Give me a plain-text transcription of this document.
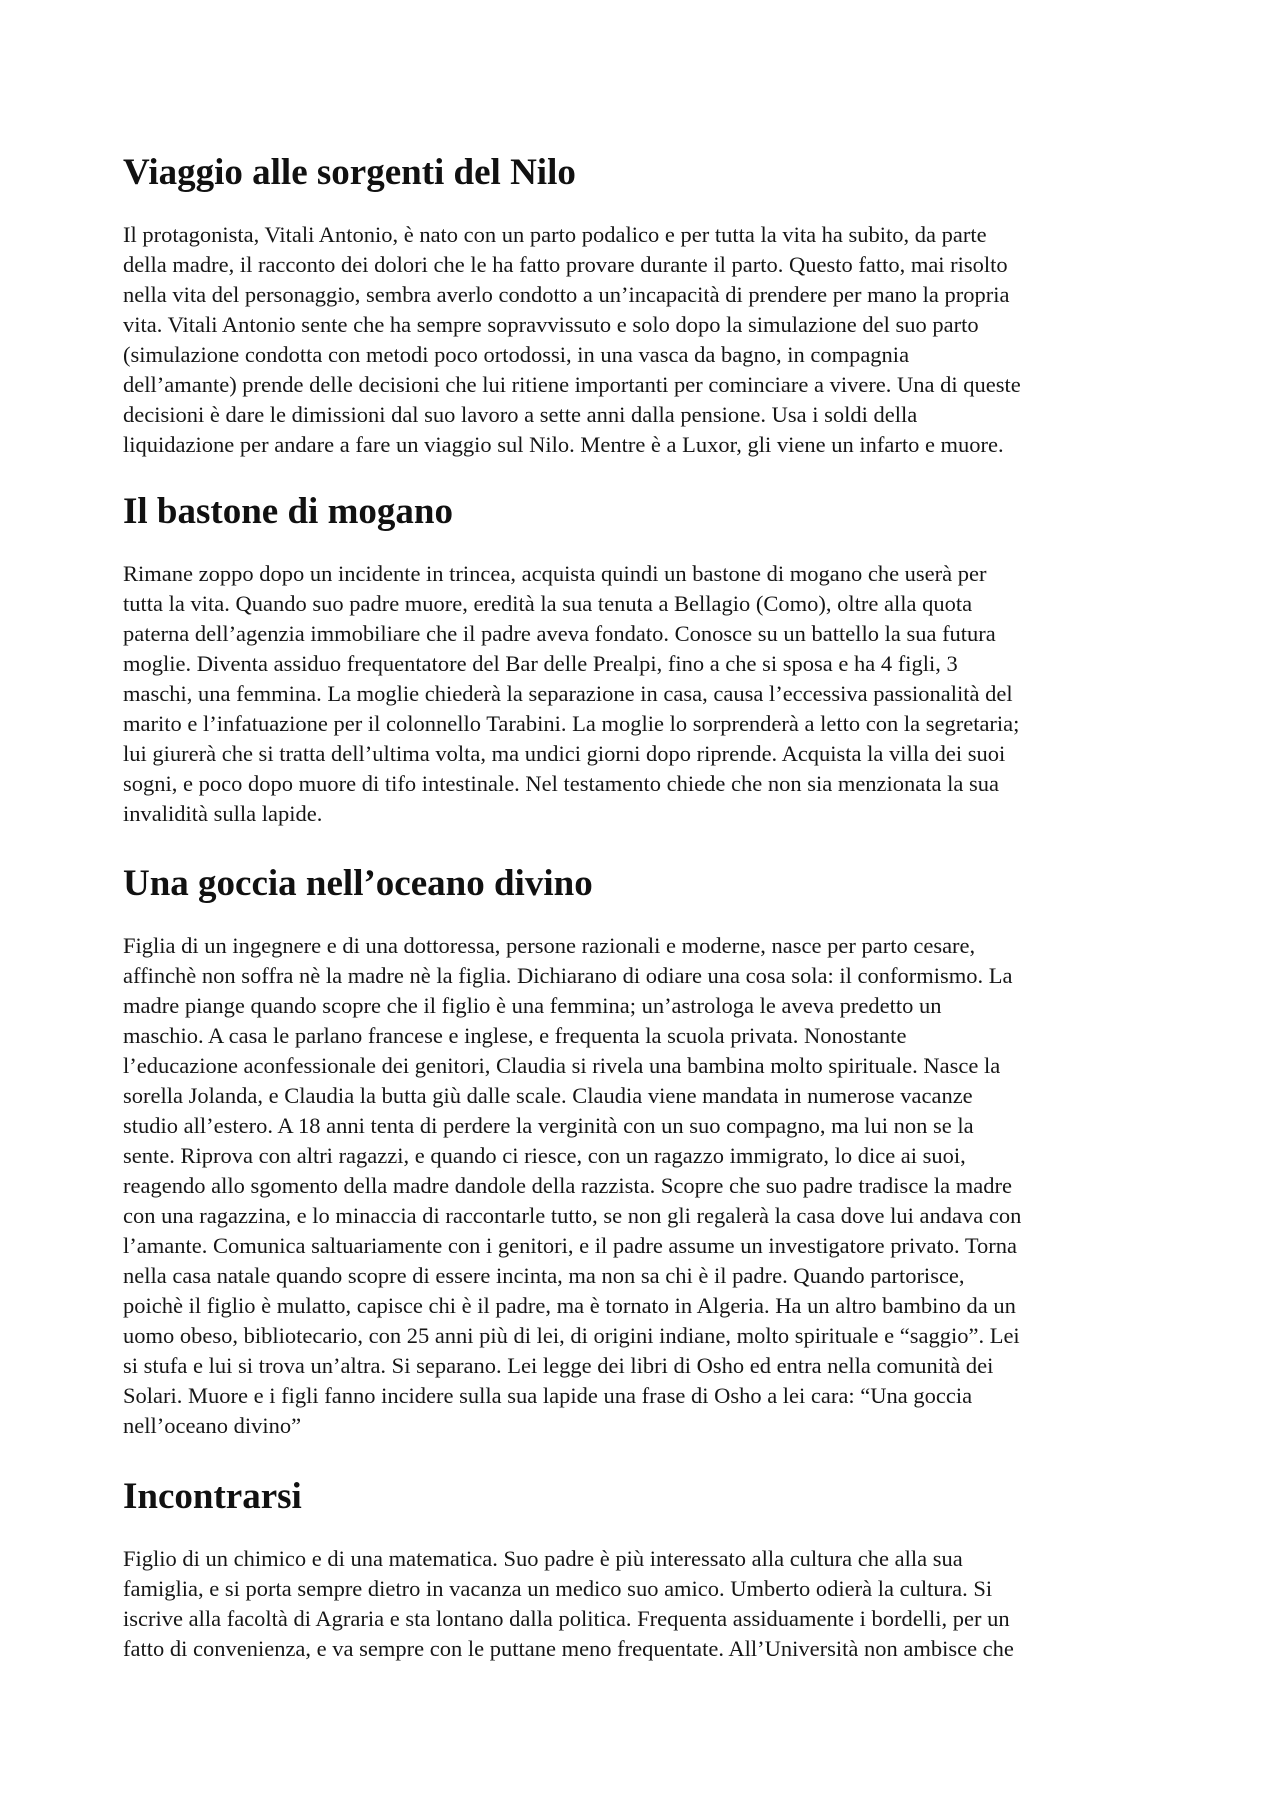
Viaggio alle sorgenti del Nilo

Il protagonista, Vitali Antonio, è nato con un parto podalico e per tutta la vita ha subito, da parte
della madre, il racconto dei dolori che le ha fatto provare durante il parto. Questo fatto, mai risolto
nella vita del personaggio, sembra averlo condotto a un’incapacità di prendere per mano la propria
vita. Vitali Antonio sente che ha sempre sopravvissuto e solo dopo la simulazione del suo parto
(simulazione condotta con metodi poco ortodossi, in una vasca da bagno, in compagnia
dell’amante) prende delle decisioni che lui ritiene importanti per cominciare a vivere. Una di queste
decisioni è dare le dimissioni dal suo lavoro a sette anni dalla pensione. Usa i soldi della
liquidazione per andare a fare un viaggio sul Nilo. Mentre è a Luxor, gli viene un infarto e muore.

Il bastone di mogano

Rimane zoppo dopo un incidente in trincea, acquista quindi un bastone di mogano che userà per
tutta la vita. Quando suo padre muore, eredità la sua tenuta a Bellagio (Como), oltre alla quota
paterna dell’agenzia immobiliare che il padre aveva fondato. Conosce su un battello la sua futura
moglie. Diventa assiduo frequentatore del Bar delle Prealpi, fino a che si sposa e ha 4 figli, 3
maschi, una femmina. La moglie chiederà la separazione in casa, causa l’eccessiva passionalità del
marito e l’infatuazione per il colonnello Tarabini. La moglie lo sorprenderà a letto con la segretaria;
lui giurerà che si tratta dell’ultima volta, ma undici giorni dopo riprende. Acquista la villa dei suoi
sogni, e poco dopo muore di tifo intestinale. Nel testamento chiede che non sia menzionata la sua
invalidità sulla lapide.

Una goccia nell’oceano divino

Figlia di un ingegnere e di una dottoressa, persone razionali e moderne, nasce per parto cesare,
affinchè non soffra nè la madre nè la figlia. Dichiarano di odiare una cosa sola: il conformismo. La
madre piange quando scopre che il figlio è una femmina; un’astrologa le aveva predetto un
maschio. A casa le parlano francese e inglese, e frequenta la scuola privata. Nonostante
l’educazione aconfessionale dei genitori, Claudia si rivela una bambina molto spirituale. Nasce la
sorella Jolanda, e Claudia la butta giù dalle scale. Claudia viene mandata in numerose vacanze
studio all’estero. A 18 anni tenta di perdere la verginità con un suo compagno, ma lui non se la
sente. Riprova con altri ragazzi, e quando ci riesce, con un ragazzo immigrato, lo dice ai suoi,
reagendo allo sgomento della madre dandole della razzista. Scopre che suo padre tradisce la madre
con una ragazzina, e lo minaccia di raccontarle tutto, se non gli regalerà la casa dove lui andava con
l’amante. Comunica saltuariamente con i genitori, e il padre assume un investigatore privato. Torna
nella casa natale quando scopre di essere incinta, ma non sa chi è il padre. Quando partorisce,
poichè il figlio è mulatto, capisce chi è il padre, ma è tornato in Algeria. Ha un altro bambino da un
uomo obeso, bibliotecario, con 25 anni più di lei, di origini indiane, molto spirituale e “saggio”. Lei
si stufa e lui si trova un’altra. Si separano. Lei legge dei libri di Osho ed entra nella comunità dei
Solari. Muore e i figli fanno incidere sulla sua lapide una frase di Osho a lei cara: “Una goccia
nell’oceano divino”

Incontrarsi

Figlio di un chimico e di una matematica. Suo padre è più interessato alla cultura che alla sua
famiglia, e si porta sempre dietro in vacanza un medico suo amico. Umberto odierà la cultura. Si
iscrive alla facoltà di Agraria e sta lontano dalla politica. Frequenta assiduamente i bordelli, per un
fatto di convenienza, e va sempre con le puttane meno frequentate. All’Università non ambisce che
